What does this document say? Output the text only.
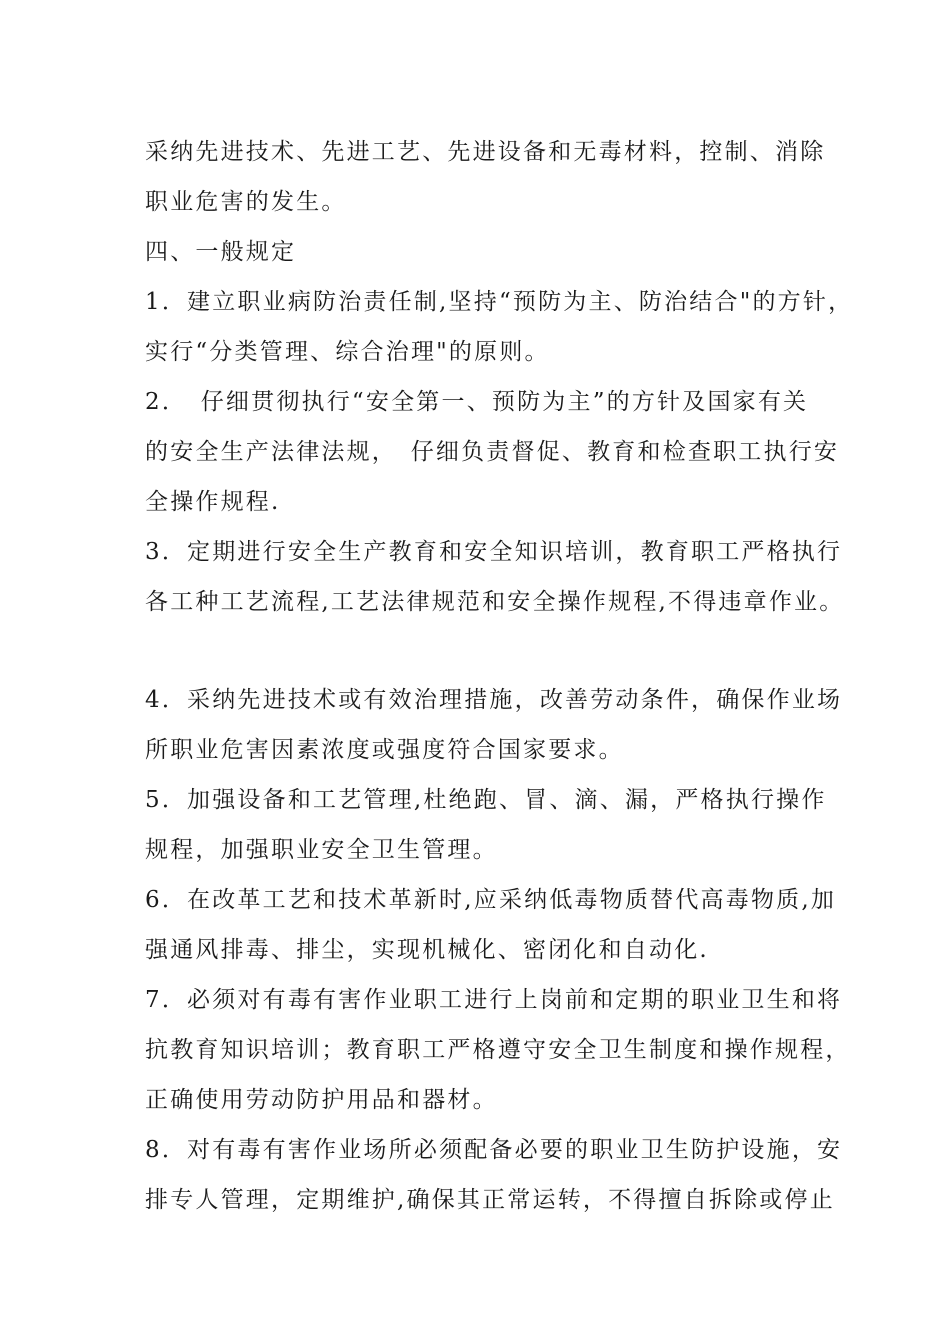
采纳先进技术、先进工艺、先进设备和无毒材料，控制、消除
职业危害的发生。
四、一般规定
1．建立职业病防治责任制,坚持“预防为主、防治结合"的方针，
实行“分类管理、综合治理"的原则。
2．　仔细贯彻执行“安全第一、预防为主”的方针及国家有关
的安全生产法律法规，　仔细负责督促、教育和检查职工执行安
全操作规程.
3．定期进行安全生产教育和安全知识培训，教育职工严格执行
各工种工艺流程,工艺法律规范和安全操作规程,不得违章作业。
4．采纳先进技术或有效治理措施，改善劳动条件，确保作业场
所职业危害因素浓度或强度符合国家要求。
5．加强设备和工艺管理,杜绝跑、冒、滴、漏，严格执行操作
规程，加强职业安全卫生管理。
6．在改革工艺和技术革新时,应采纳低毒物质替代高毒物质,加
强通风排毒、排尘，实现机械化、密闭化和自动化.
7．必须对有毒有害作业职工进行上岗前和定期的职业卫生和将
抗教育知识培训；教育职工严格遵守安全卫生制度和操作规程，
正确使用劳动防护用品和器材。
8．对有毒有害作业场所必须配备必要的职业卫生防护设施，安
排专人管理，定期维护,确保其正常运转，不得擅自拆除或停止
